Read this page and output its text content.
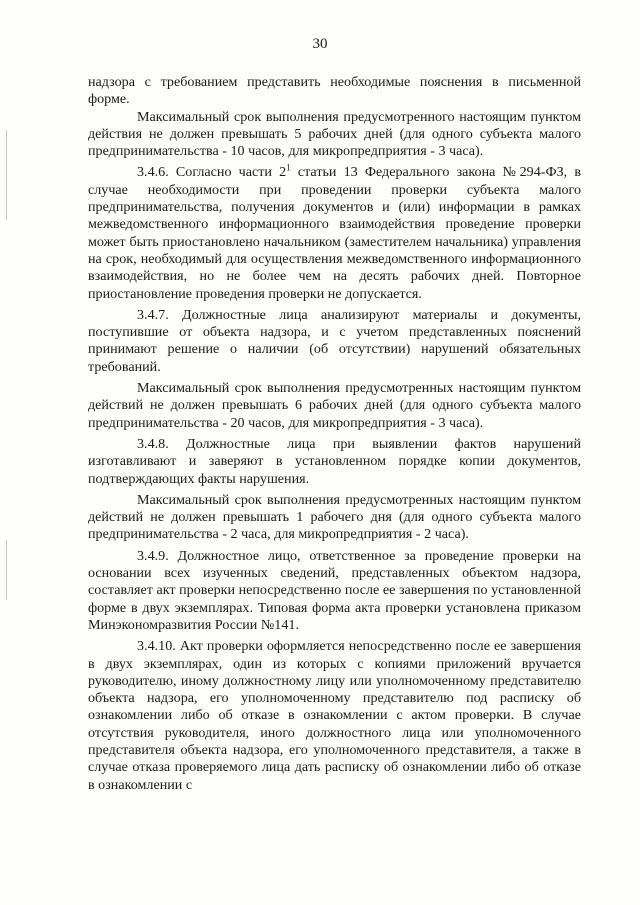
30

надзора с требованием представить необходимые пояснения в письменной форме.

Максимальный срок выполнения предусмотренного настоящим пунктом действия не должен превышать 5 рабочих дней (для одного субъекта малого предпринимательства - 10 часов, для микропредприятия - 3 часа).

3.4.6. Согласно части $2^1$ статьи 13 Федерального закона №294-ФЗ, в случае необходимости при проведении проверки субъекта малого предпринимательства, получения документов и (или) информации в рамках межведомственного информационного взаимодействия проведение проверки может быть приостановлено начальником (заместителем начальника) управления на срок, необходимый для осуществления межведомственного информационного взаимодействия, но не более чем на десять рабочих дней. Повторное приостановление проведения проверки не допускается.

3.4.7. Должностные лица анализируют материалы и документы, поступившие от объекта надзора, и с учетом представленных пояснений принимают решение о наличии (об отсутствии) нарушений обязательных требований.

Максимальный срок выполнения предусмотренных настоящим пунктом действий не должен превышать 6 рабочих дней (для одного субъекта малого предпринимательства - 20 часов, для микропредприятия - 3 часа).

3.4.8. Должностные лица при выявлении фактов нарушений изготавливают и заверяют в установленном порядке копии документов, подтверждающих факты нарушения.

Максимальный срок выполнения предусмотренных настоящим пунктом действий не должен превышать 1 рабочего дня (для одного субъекта малого предпринимательства - 2 часа, для микропредприятия - 2 часа).

3.4.9. Должностное лицо, ответственное за проведение проверки на основании всех изученных сведений, представленных объектом надзора, составляет акт проверки непосредственно после ее завершения по установленной форме в двух экземплярах. Типовая форма акта проверки установлена приказом Минэкономразвития России №141.

3.4.10. Акт проверки оформляется непосредственно после ее завершения в двух экземплярах, один из которых с копиями приложений вручается руководителю, иному должностному лицу или уполномоченному представителю объекта надзора, его уполномоченному представителю под расписку об ознакомлении либо об отказе в ознакомлении с актом проверки. В случае отсутствия руководителя, иного должностного лица или уполномоченного представителя объекта надзора, его уполномоченного представителя, а также в случае отказа проверяемого лица дать расписку об ознакомлении либо об отказе в ознакомлении с
